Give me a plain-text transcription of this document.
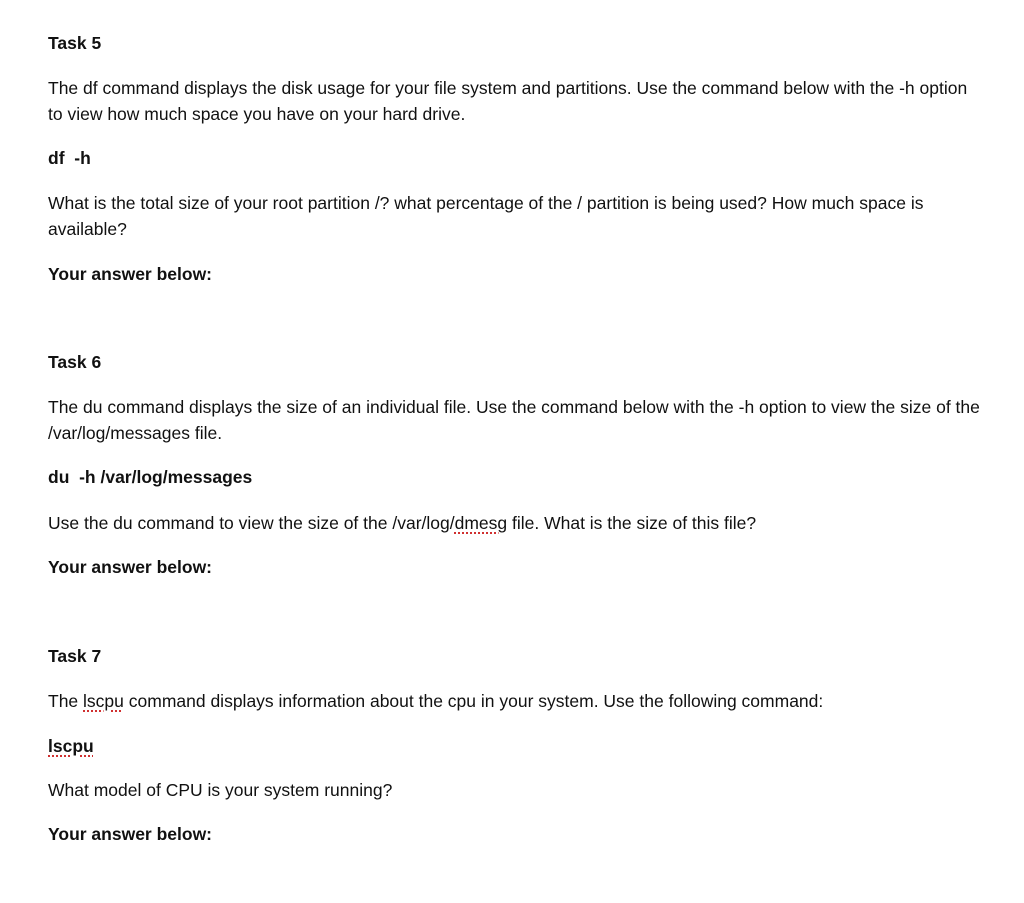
Task 5
The df command displays the disk usage for your file system and partitions. Use the command below with the -h option
to view how much space you have on your hard drive.
df  -h
What is the total size of your root partition /? what percentage of the / partition is being used? How much space is
available?
Your answer below:
Task 6
The du command displays the size of an individual file. Use the command below with the -h option to view the size of the
/var/log/messages file.
du  -h /var/log/messages
Use the du command to view the size of the /var/log/dmesg file. What is the size of this file?
Your answer below:
Task 7
The lscpu command displays information about the cpu in your system. Use the following command:
lscpu
What model of CPU is your system running?
Your answer below:
